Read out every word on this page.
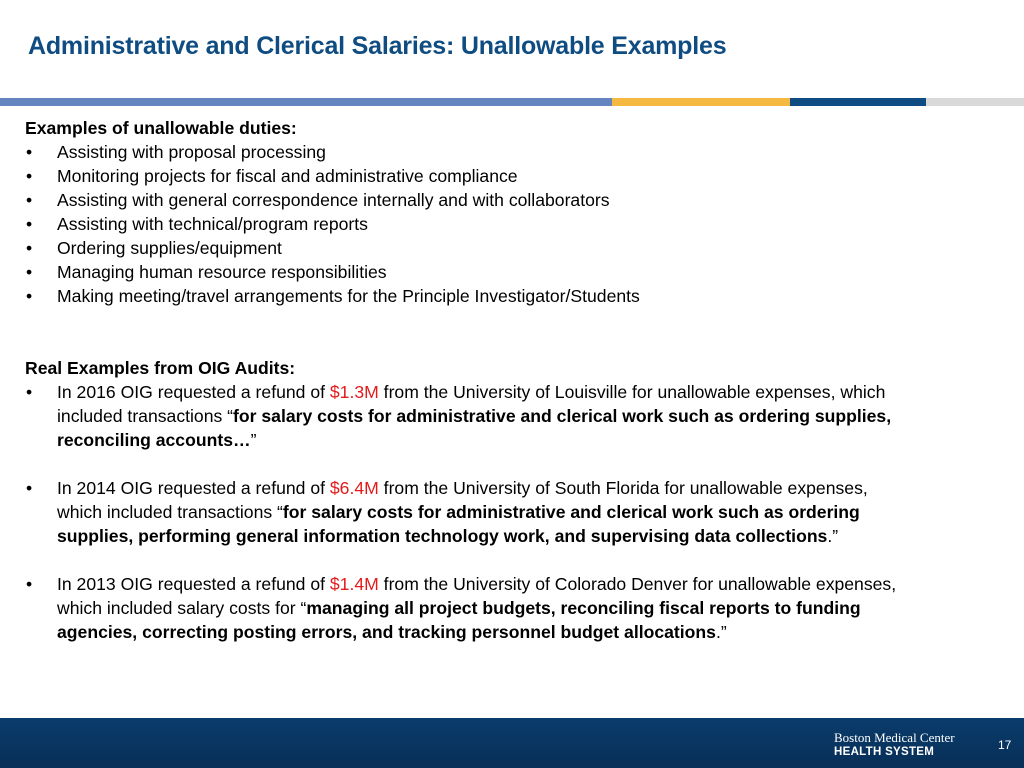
Administrative and Clerical Salaries: Unallowable Examples
Examples of unallowable duties:
• Assisting with proposal processing
• Monitoring projects for fiscal and administrative compliance
• Assisting with general correspondence internally and with collaborators
• Assisting with technical/program reports
• Ordering supplies/equipment
• Managing human resource responsibilities
• Making meeting/travel arrangements for the Principle Investigator/Students
Real Examples from OIG Audits:
• In 2016 OIG requested a refund of $1.3M from the University of Louisville for unallowable expenses, which included transactions “for salary costs for administrative and clerical work such as ordering supplies, reconciling accounts…”
• In 2014 OIG requested a refund of $6.4M from the University of South Florida for unallowable expenses, which included transactions “for salary costs for administrative and clerical work such as ordering supplies, performing general information technology work, and supervising data collections.”
• In 2013 OIG requested a refund of $1.4M from the University of Colorado Denver for unallowable expenses, which included salary costs for “managing all project budgets, reconciling fiscal reports to funding agencies, correcting posting errors, and tracking personnel budget allocations.”
Boston Medical Center
HEALTH SYSTEM	17
